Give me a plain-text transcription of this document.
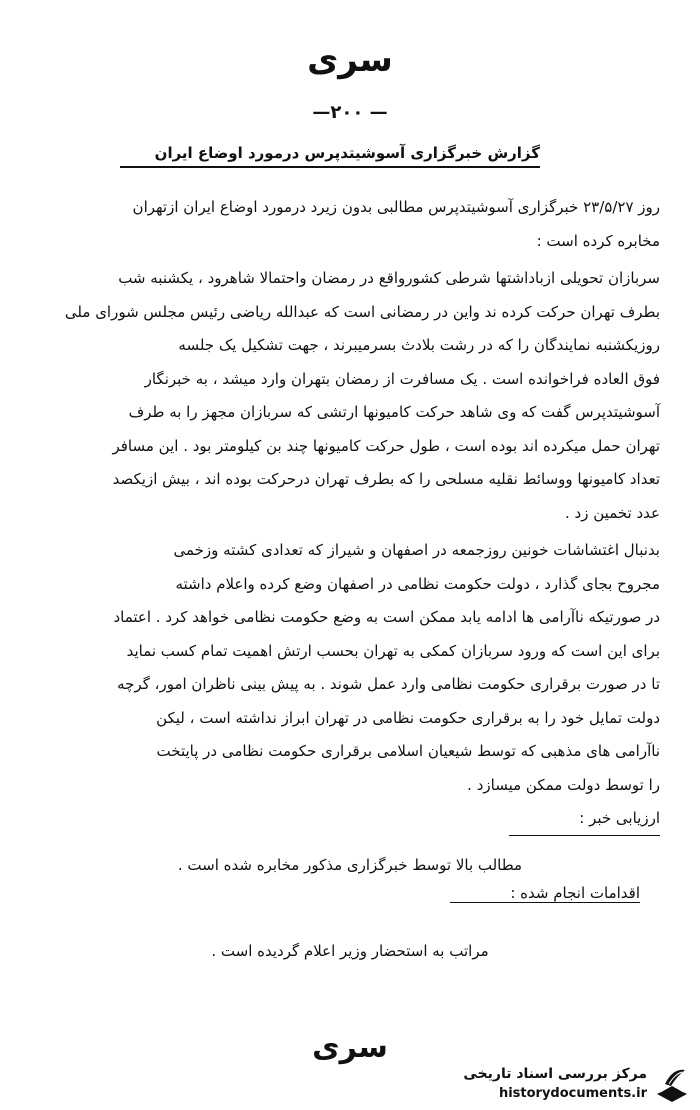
سری
—۲۰۰ —
گزارش خبرگزاری آسوشیتدپرس درمورد اوضاع ایران

روز ۲۳/۵/۲۷ خبرگزاری آسوشیتدپرس مطالبی بدون زیرد درمورد اوضاع ایران ازتهران

مخابره کرده است :

سربازان تحویلی ازباداشتها شرطی کشورواقع در رمضان واحتمالا شاهرود ، یکشنبه شب

بطرف تهران حرکت کرده ند واین در رمضانی است که عبدالله ریاضی رئیس مجلس شورای ملی

روزیکشنبه نمایندگان را که در رشت بلادث بسرمیبرند ، جهت تشکیل یک جلسه

فوق العاده فراخوانده است . یک مسافرت از رمضان بتهران وارد میشد ، به خبرنگار

آسوشیتدپرس گفت که وی شاهد حرکت کامیونها ارتشی که سربازان مجهز را به طرف

تهران حمل میکرده اند بوده است ، طول حرکت کامیونها چند بن کیلومتر بود . این مسافر

تعداد کامیونها ووسائط نقلیه مسلحی را که بطرف تهران درحرکت بوده اند ، بیش ازیکصد

عدد تخمین زد .

بدنبال اغتشاشات خونین روزجمعه در اصفهان و شیراز که تعدادی کشته وزخمی

مجروح بجای گذارد ، دولت حکومت نظامی در اصفهان وضع کرده واعلام داشته

در صورتیکه ناآرامی ها ادامه یابد ممکن است به وضع حکومت نظامی خواهد کرد . اعتماد

برای این است که ورود سربازان کمکی به تهران بحسب ارتش اهمیت تمام کسب نماید

تا در صورت برقراری حکومت نظامی وارد عمل شوند . به پیش بینی ناظران امور، گرچه

دولت تمایل خود را به برقراری حکومت نظامی در تهران ابراز نداشته است ، لیکن

ناآرامی های مذهبی که توسط شیعیان اسلامی برقراری حکومت نظامی در پایتخت

را توسط دولت ممکن میسازد .

ارزیابی خبر :

مطالب بالا توسط خبرگزاری مذکور مخابره شده است .
اقدامات انجام شده :
مراتب به استحضار وزیر اعلام گردیده است .
سری
مرکز بررسی اسناد تاریخی
historydocuments.ir
